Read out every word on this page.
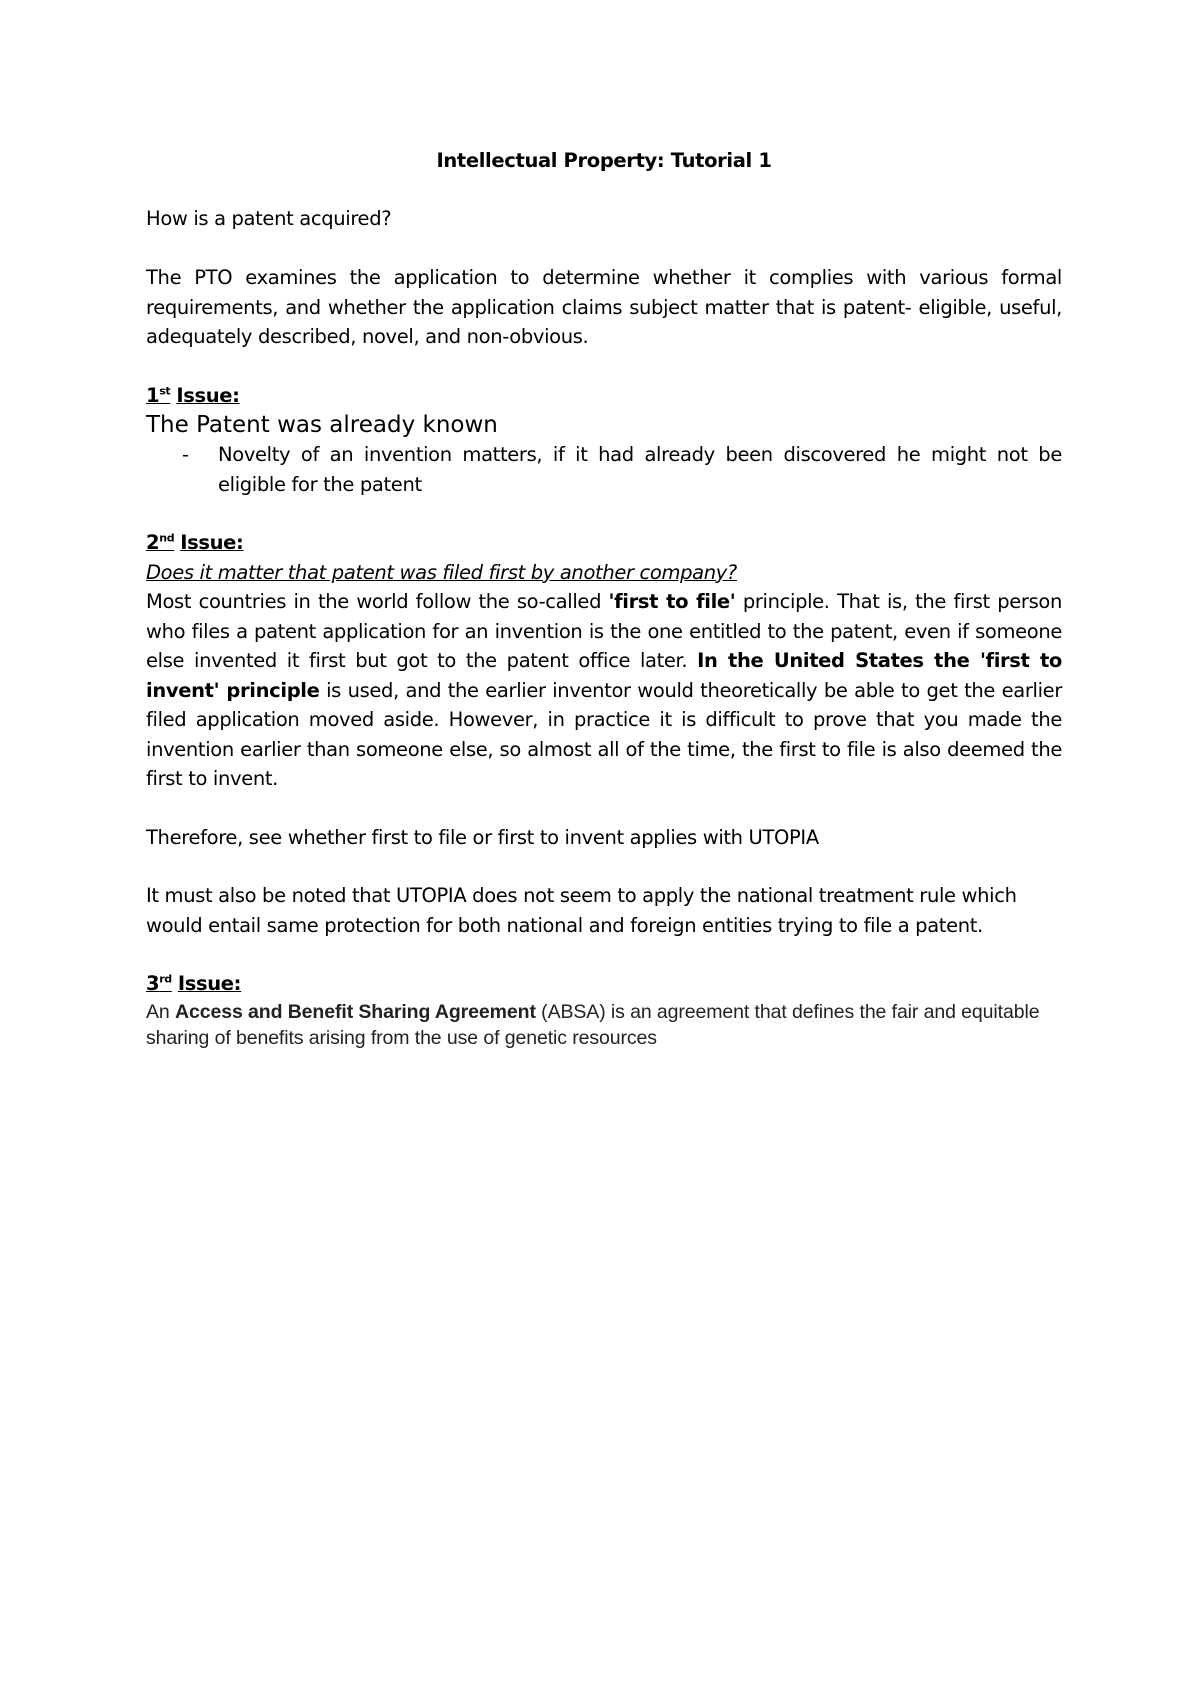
Intellectual Property: Tutorial 1

How is a patent acquired?

The PTO examines the application to determine whether it complies with various formal requirements, and whether the application claims subject matter that is patent- eligible, useful, adequately described, novel, and non-obvious.

1st Issue:

The Patent was already known

-	Novelty of an invention matters, if it had already been discovered he might not be eligible for the patent

2nd Issue:

Does it matter that patent was filed first by another company?

Most countries in the world follow the so-called 'first to file' principle. That is, the first person who files a patent application for an invention is the one entitled to the patent, even if someone else invented it first but got to the patent office later. In the United States the 'first to invent' principle is used, and the earlier inventor would theoretically be able to get the earlier filed application moved aside. However, in practice it is difficult to prove that you made the invention earlier than someone else, so almost all of the time, the first to file is also deemed the first to invent.

Therefore, see whether first to file or first to invent applies with UTOPIA

It must also be noted that UTOPIA does not seem to apply the national treatment rule which would entail same protection for both national and foreign entities trying to file a patent.

3rd Issue:

An Access and Benefit Sharing Agreement (ABSA) is an agreement that defines the fair and equitable sharing of benefits arising from the use of genetic resources
